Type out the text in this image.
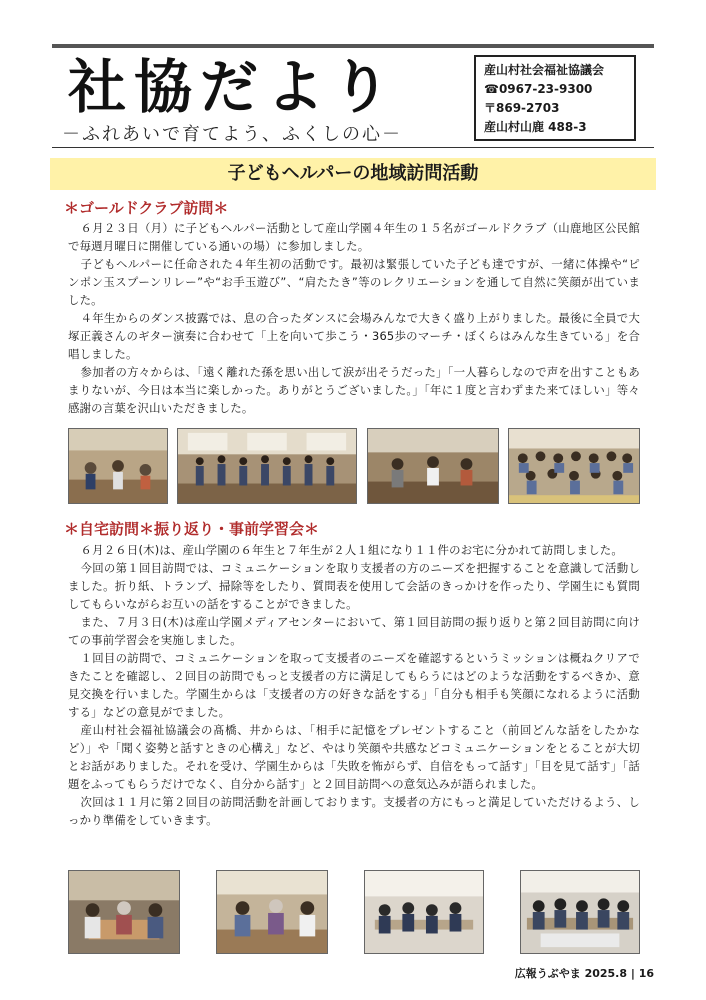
社協だより
－ふれあいで育てよう、ふくしの心－
産山村社会福祉協議会
☎0967-23-9300
〒869-2703
産山村山鹿 488-3
子どもヘルパーの地域訪問活動
＊ゴールドクラブ訪問＊

６月２３日（月）に子どもヘルパー活動として産山学園４年生の１５名がゴールドクラブ（山鹿地区公民館で毎週月曜日に開催している通いの場）に参加しました。

子どもヘルパーに任命された４年生初の活動です。最初は緊張していた子ども達ですが、一緒に体操や“ピンポン玉スプーンリレー”や“お手玉遊び”、“肩たたき”等のレクリエーションを通して自然に笑顔が出ていました。

４年生からのダンス披露では、息の合ったダンスに会場みんなで大きく盛り上がりました。最後に全員で大塚正義さんのギター演奏に合わせて「上を向いて歩こう・365歩のマーチ・ぼくらはみんな生きている」を合唱しました。

参加者の方々からは、「遠く離れた孫を思い出して涙が出そうだった」「一人暮らしなので声を出すこともあまりないが、今日は本当に楽しかった。ありがとうございました。」「年に１度と言わずまた来てほしい」等々感謝の言葉を沢山いただきました。

＊自宅訪問＊振り返り・事前学習会＊

６月２６日(木)は、産山学園の６年生と７年生が２人１組になり１１件のお宅に分かれて訪問しました。

今回の第１回目訪問では、コミュニケーションを取り支援者の方のニーズを把握することを意識して活動しました。折り紙、トランプ、掃除等をしたり、質問表を使用して会話のきっかけを作ったり、学園生にも質問してもらいながらお互いの話をすることができました。

また、７月３日(木)は産山学園メディアセンターにおいて、第１回目訪問の振り返りと第２回目訪問に向けての事前学習会を実施しました。

１回目の訪問で、コミュニケーションを取って支援者のニーズを確認するというミッションは概ねクリアできたことを確認し、２回目の訪問でもっと支援者の方に満足してもらうにはどのような活動をするべきか、意見交換を行いました。学園生からは「支援者の方の好きな話をする」「自分も相手も笑顔になれるように活動する」などの意見がでました。

産山村社会福祉協議会の髙橋、井からは、「相手に記憶をプレゼントすること（前回どんな話をしたかなど）」や「聞く姿勢と話すときの心構え」など、やはり笑顔や共感などコミュニケーションをとることが大切とお話がありました。それを受け、学園生からは「失敗を怖がらず、自信をもって話す」「目を見て話す」「話題をふってもらうだけでなく、自分から話す」と２回目訪問への意気込みが語られました。

次回は１１月に第２回目の訪問活動を計画しております。支援者の方にもっと満足していただけるよう、しっかり準備をしていきます。

広報うぶやま 2025.8 | 16
